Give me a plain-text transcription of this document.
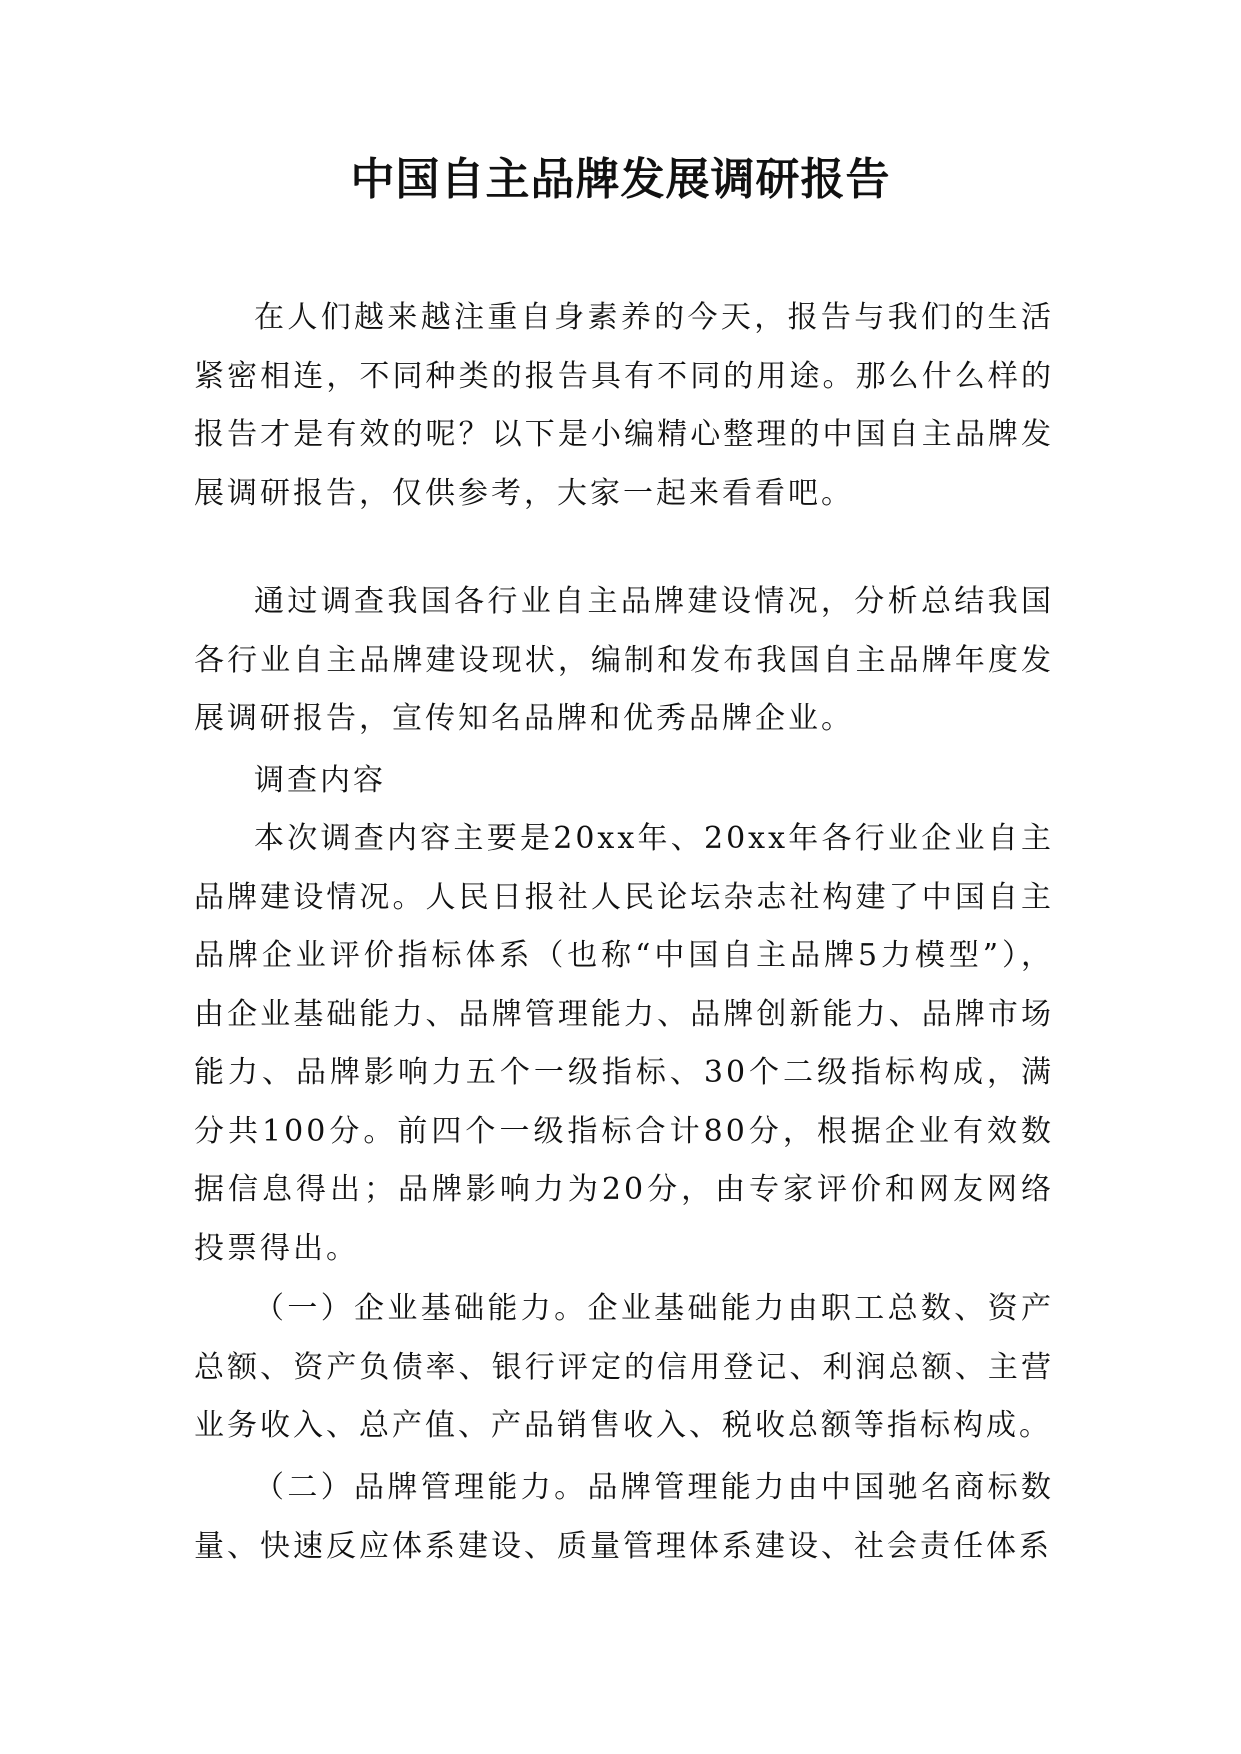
中国自主品牌发展调研报告

在人们越来越注重自身素养的今天，报告与我们的生活紧密相连，不同种类的报告具有不同的用途。那么什么样的报告才是有效的呢？以下是小编精心整理的中国自主品牌发展调研报告，仅供参考，大家一起来看看吧。

通过调查我国各行业自主品牌建设情况，分析总结我国各行业自主品牌建设现状，编制和发布我国自主品牌年度发展调研报告，宣传知名品牌和优秀品牌企业。

调查内容

本次调查内容主要是20xx年、20xx年各行业企业自主品牌建设情况。人民日报社人民论坛杂志社构建了中国自主品牌企业评价指标体系（也称“中国自主品牌5力模型”），由企业基础能力、品牌管理能力、品牌创新能力、品牌市场能力、品牌影响力五个一级指标、30个二级指标构成，满分共100分。前四个一级指标合计80分，根据企业有效数据信息得出；品牌影响力为20分，由专家评价和网友网络投票得出。

（一）企业基础能力。企业基础能力由职工总数、资产总额、资产负债率、银行评定的信用登记、利润总额、主营业务收入、总产值、产品销售收入、税收总额等指标构成。

（二）品牌管理能力。品牌管理能力由中国驰名商标数量、快速反应体系建设、质量管理体系建设、社会责任体系
